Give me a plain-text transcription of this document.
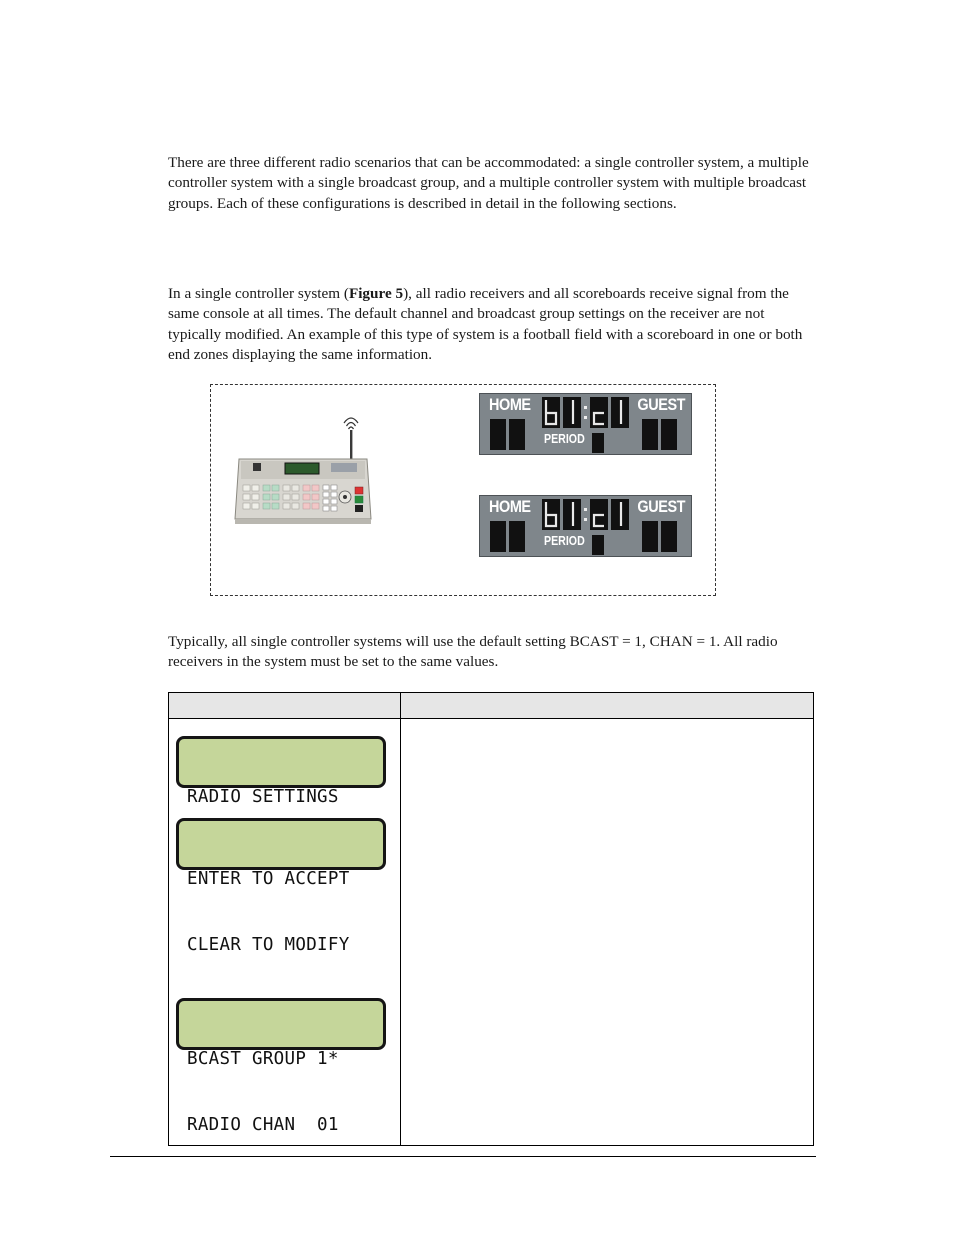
There are three different radio scenarios that can be accommodated: a single controller system, a multiple controller system with a single broadcast group, and a multiple controller system with multiple broadcast groups. Each of these configurations is described in detail in the following sections.

In a single controller system (Figure 5), all radio receivers and all scoreboards receive signal from the same console at all times. The default channel and broadcast group settings on the receiver are not typically modified. An example of this type of system is a football field with a scoreboard in one or both end zones displaying the same information.

HOME	GUEST
PERIOD
HOME	GUEST
PERIOD

Typically, all single controller systems will use the default setting BCAST = 1, CHAN = 1. All radio receivers in the system must be set to the same values.

RADIO SETTINGS

ENTER TO ACCEPT

CLEAR TO MODIFY

BCAST GROUP 1*

RADIO CHAN  01
